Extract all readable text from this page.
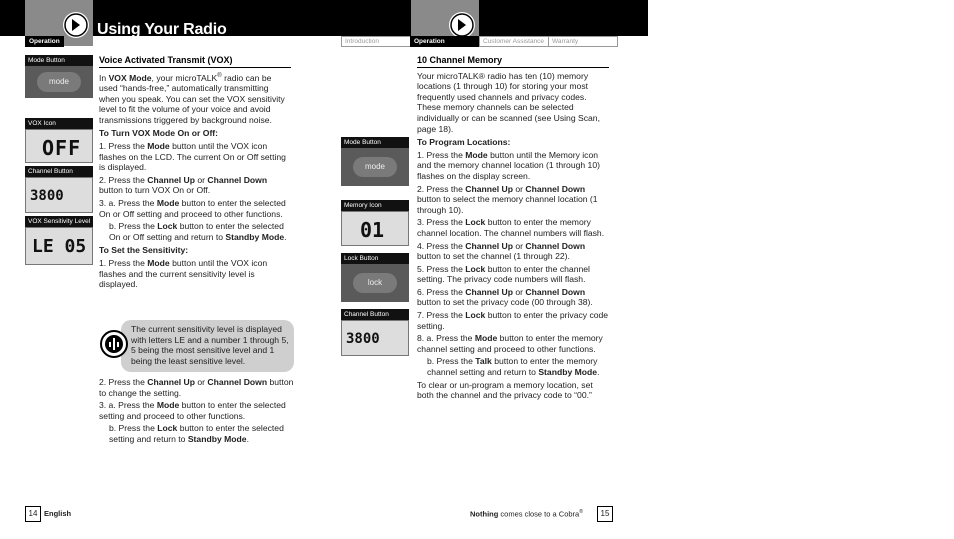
Operation
Using Your Radio
Introduction	Operation	Customer Assistance Warranty
Mode Button
mode
VOX Icon
OFF
Channel Button
3800
VOX Sensitivity Level
LE 05
Voice Activated Transmit (VOX)

In VOX Mode, your microTALK® radio can be used “hands-free,” automatically transmitting when you speak. You can set the VOX sensitivity level to fit the volume of your voice and avoid transmissions triggered by background noise.

To Turn VOX Mode On or Off:

1. Press the Mode button until the VOX icon flashes on the LCD. The current On or Off setting is displayed.

2. Press the Channel Up or Channel Down button to turn VOX On or Off.

3. a. Press the Mode button to enter the selected On or Off setting and proceed to other functions.

b. Press the Lock button to enter the selected On or Off setting and return to Standby Mode.

To Set the Sensitivity:

1. Press the Mode button until the VOX icon flashes and the current sensitivity level is displayed.

The current sensitivity level is displayed with letters LE and a number 1 through 5, 5 being the most sensitive level and 1 being the least sensitive level.

2. Press the Channel Up or Channel Down button to change the setting.

3. a. Press the Mode button to enter the selected setting and proceed to other functions.

b. Press the Lock button to enter the selected setting and return to Standby Mode.

Mode Button
mode
Memory Icon
01
Lock Button
lock
Channel Button
3800
10 Channel Memory

Your microTALK® radio has ten (10) memory locations (1 through 10) for storing your most frequently used channels and privacy codes. These memory channels can be selected individually or can be scanned (see Using Scan, page 18).

To Program Locations:

1. Press the Mode button until the Memory icon and the memory channel location (1 through 10) flashes on the display screen.

2. Press the Channel Up or Channel Down button to select the memory channel location (1 through 10).

3. Press the Lock button to enter the memory channel location. The channel numbers will flash.

4. Press the Channel Up or Channel Down button to set the channel (1 through 22).

5. Press the Lock button to enter the channel setting. The privacy code numbers will flash.

6. Press the Channel Up or Channel Down button to set the privacy code (00 through 38).

7. Press the Lock button to enter the privacy code setting.

8. a. Press the Mode button to enter the memory channel setting and proceed to other functions.

b. Press the Talk button to enter the memory channel setting and return to Standby Mode.

To clear or un-program a memory location, set both the channel and the privacy code to “00.”

14 English	Nothing comes close to a Cobra®	15
